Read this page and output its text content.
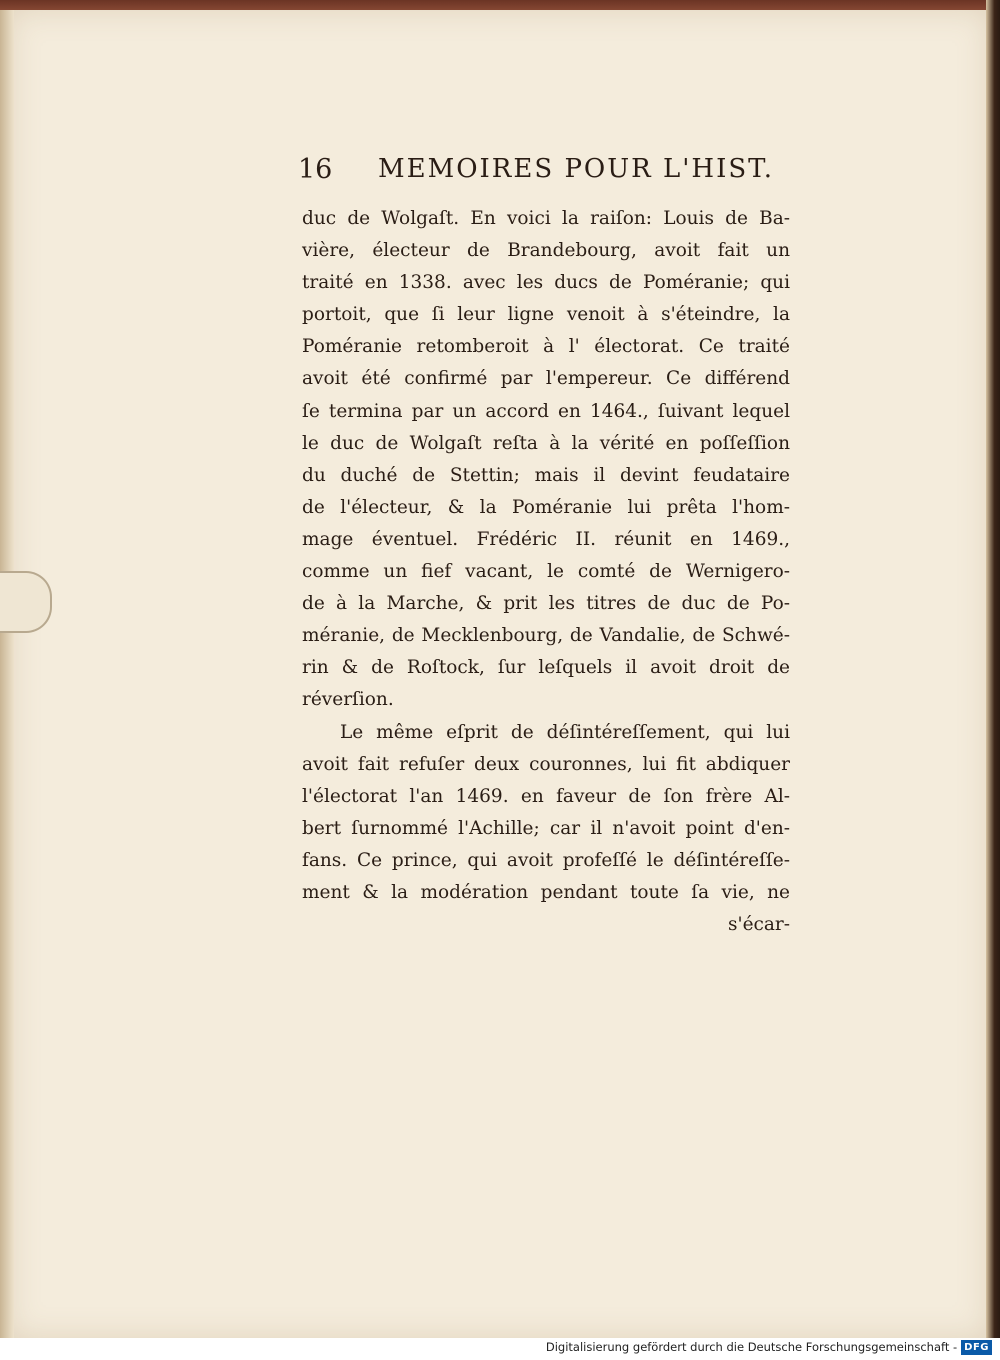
16 MEMOIRES POUR L'HIST.
duc de Wolgaſt. En voici la raiſon: Louis de Ba-
vière, électeur de Brandebourg, avoit fait un
traité en 1338. avec les ducs de Poméranie; qui
portoit, que ſi leur ligne venoit à s'éteindre, la
Poméranie retomberoit à l' électorat. Ce traité
avoit été confirmé par l'empereur. Ce différend
ſe termina par un accord en 1464., ſuivant lequel
le duc de Wolgaſt reſta à la vérité en poſſeſſion
du duché de Stettin; mais il devint feudataire
de l'électeur, & la Poméranie lui prêta l'hom-
mage éventuel. Frédéric II. réunit en 1469.,
comme un fief vacant, le comté de Wernigero-
de à la Marche, & prit les titres de duc de Po-
méranie, de Mecklenbourg, de Vandalie, de Schwé-
rin & de Roſtock, ſur leſquels il avoit droit de
réverſion.
Le même eſprit de déſintéreſſement, qui lui
avoit fait refuſer deux couronnes, lui fit abdiquer
l'électorat l'an 1469. en faveur de ſon frère Al-
bert ſurnommé l'Achille; car il n'avoit point d'en-
fans. Ce prince, qui avoit profeſſé le déſintéreſſe-
ment & la modération pendant toute ſa vie, ne
s'écar-
Digitalisierung gefördert durch die Deutsche Forschungsgemeinschaft - DFG
